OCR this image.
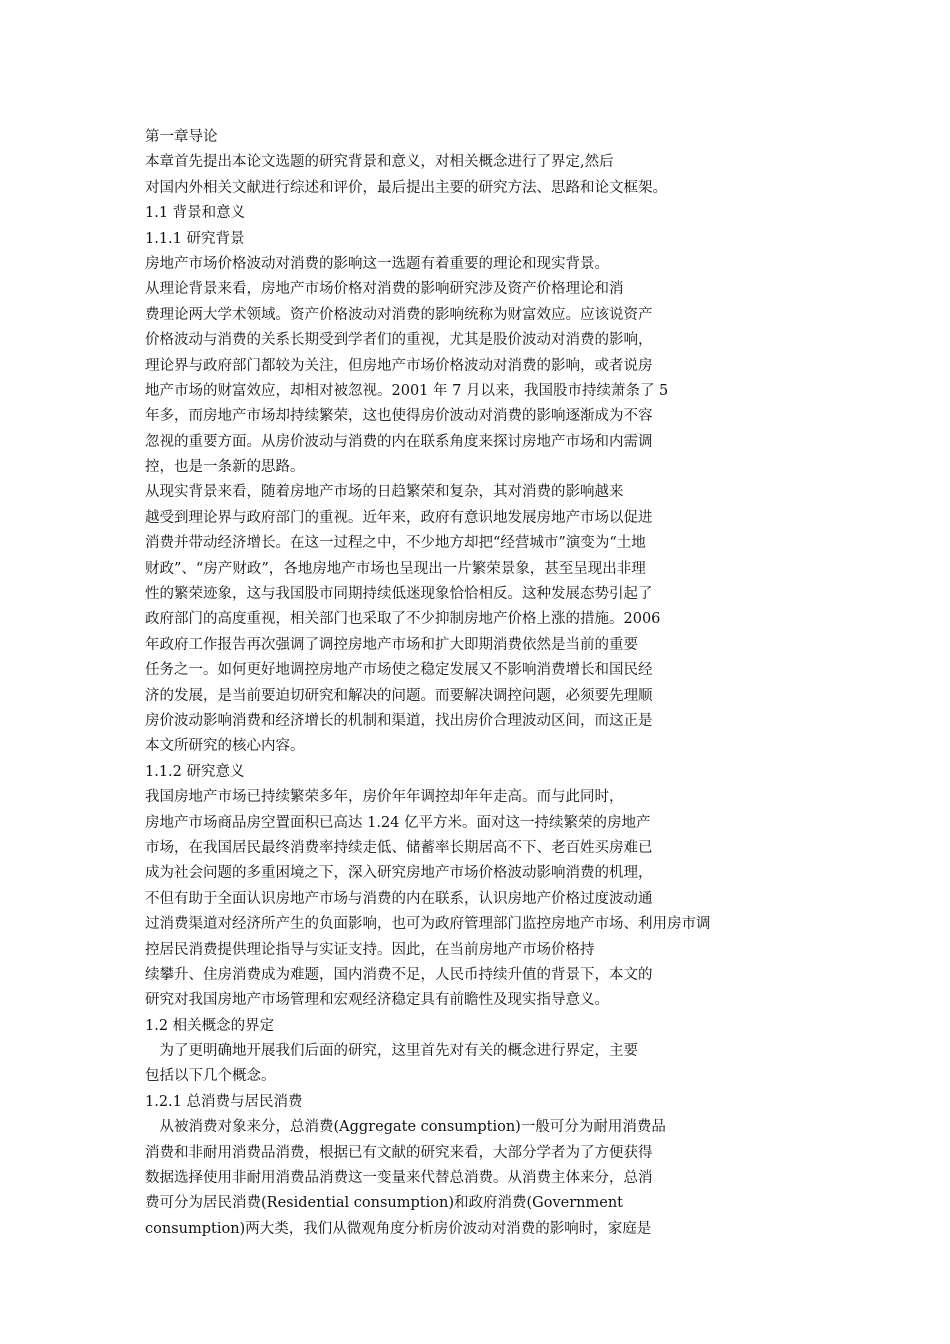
第一章导论
本章首先提出本论文选题的研究背景和意义，对相关概念进行了界定,然后
对国内外相关文献进行综述和评价，最后提出主要的研究方法、思路和论文框架。
1.1 背景和意义
1.1.1 研究背景
房地产市场价格波动对消费的影响这一选题有着重要的理论和现实背景。
从理论背景来看，房地产市场价格对消费的影响研究涉及资产价格理论和消
费理论两大学术领域。资产价格波动对消费的影响统称为财富效应。应该说资产
价格波动与消费的关系长期受到学者们的重视，尤其是股价波动对消费的影响，
理论界与政府部门都较为关注，但房地产市场价格波动对消费的影响，或者说房
地产市场的财富效应，却相对被忽视。2001 年 7 月以来，我国股市持续萧条了 5
年多，而房地产市场却持续繁荣，这也使得房价波动对消费的影响逐渐成为不容
忽视的重要方面。从房价波动与消费的内在联系角度来探讨房地产市场和内需调
控，也是一条新的思路。
从现实背景来看，随着房地产市场的日趋繁荣和复杂，其对消费的影响越来
越受到理论界与政府部门的重视。近年来，政府有意识地发展房地产市场以促进
消费并带动经济增长。在这一过程之中，不少地方却把“经营城市”演变为“土地
财政”、“房产财政”，各地房地产市场也呈现出一片繁荣景象，甚至呈现出非理
性的繁荣迹象，这与我国股市同期持续低迷现象恰恰相反。这种发展态势引起了
政府部门的高度重视，相关部门也采取了不少抑制房地产价格上涨的措施。2006
年政府工作报告再次强调了调控房地产市场和扩大即期消费依然是当前的重要
任务之一。如何更好地调控房地产市场使之稳定发展又不影响消费增长和国民经
济的发展，是当前要迫切研究和解决的问题。而要解决调控问题，必须要先理顺
房价波动影响消费和经济增长的机制和渠道，找出房价合理波动区间，而这正是
本文所研究的核心内容。
1.1.2 研究意义
我国房地产市场已持续繁荣多年，房价年年调控却年年走高。而与此同时，
房地产市场商品房空置面积已高达 1.24 亿平方米。面对这一持续繁荣的房地产
市场，在我国居民最终消费率持续走低、储蓄率长期居高不下、老百姓买房难已
成为社会问题的多重困境之下，深入研究房地产市场价格波动影响消费的机理，
不但有助于全面认识房地产市场与消费的内在联系，认识房地产价格过度波动通
过消费渠道对经济所产生的负面影响，也可为政府管理部门监控房地产市场、利用房市调
控居民消费提供理论指导与实证支持。因此，在当前房地产市场价格持
续攀升、住房消费成为难题，国内消费不足，人民币持续升值的背景下，本文的
研究对我国房地产市场管理和宏观经济稳定具有前瞻性及现实指导意义。
1.2 相关概念的界定
　为了更明确地开展我们后面的研究，这里首先对有关的概念进行界定，主要
包括以下几个概念。
1.2.1 总消费与居民消费
　从被消费对象来分，总消费(Aggregate consumption)一般可分为耐用消费品
消费和非耐用消费品消费，根据已有文献的研究来看，大部分学者为了方便获得
数据选择使用非耐用消费品消费这一变量来代替总消费。从消费主体来分，总消
费可分为居民消费(Residential consumption)和政府消费(Government
consumption)两大类，我们从微观角度分析房价波动对消费的影响时，家庭是
